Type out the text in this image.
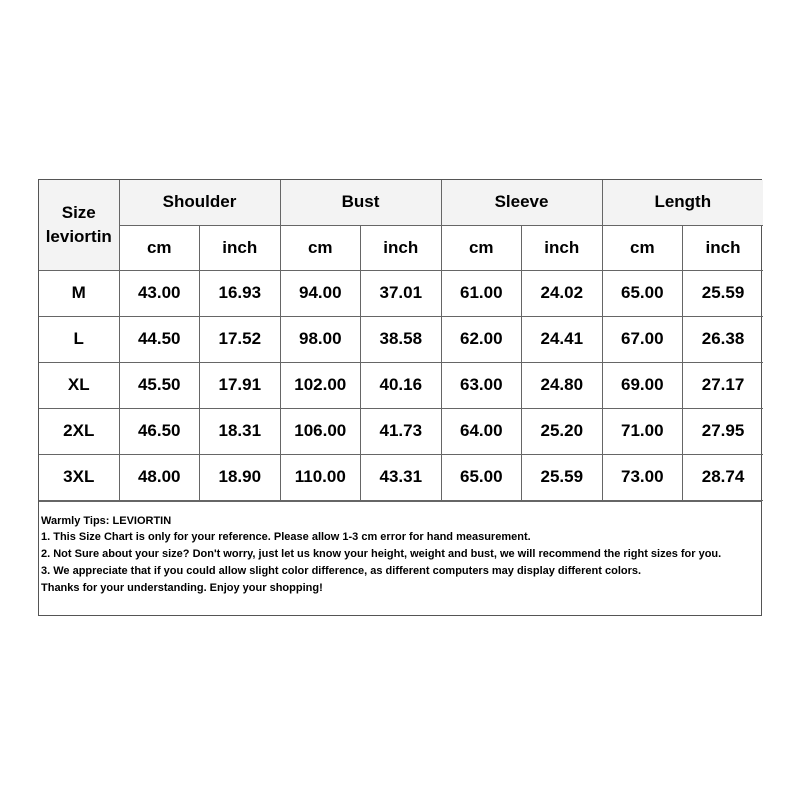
Size
leviortin	Shoulder		Bust		Sleeve		Length	
	cm	inch	cm	inch	cm	inch	cm	inch
M	43.00	16.93	94.00	37.01	61.00	24.02	65.00	25.59
L	44.50	17.52	98.00	38.58	62.00	24.41	67.00	26.38
XL	45.50	17.91	102.00	40.16	63.00	24.80	69.00	27.17
2XL	46.50	18.31	106.00	41.73	64.00	25.20	71.00	27.95
3XL	48.00	18.90	110.00	43.31	65.00	25.59	73.00	28.74
Warmly Tips: LEVIORTIN
1. This Size Chart is only for your reference. Please allow 1-3 cm error for hand measurement.
2. Not Sure about your size? Don't worry, just let us know your height, weight and bust, we will recommend the right sizes for you.
3. We appreciate that if you could allow slight color difference, as different computers may display different colors.
Thanks for your understanding. Enjoy your shopping!
